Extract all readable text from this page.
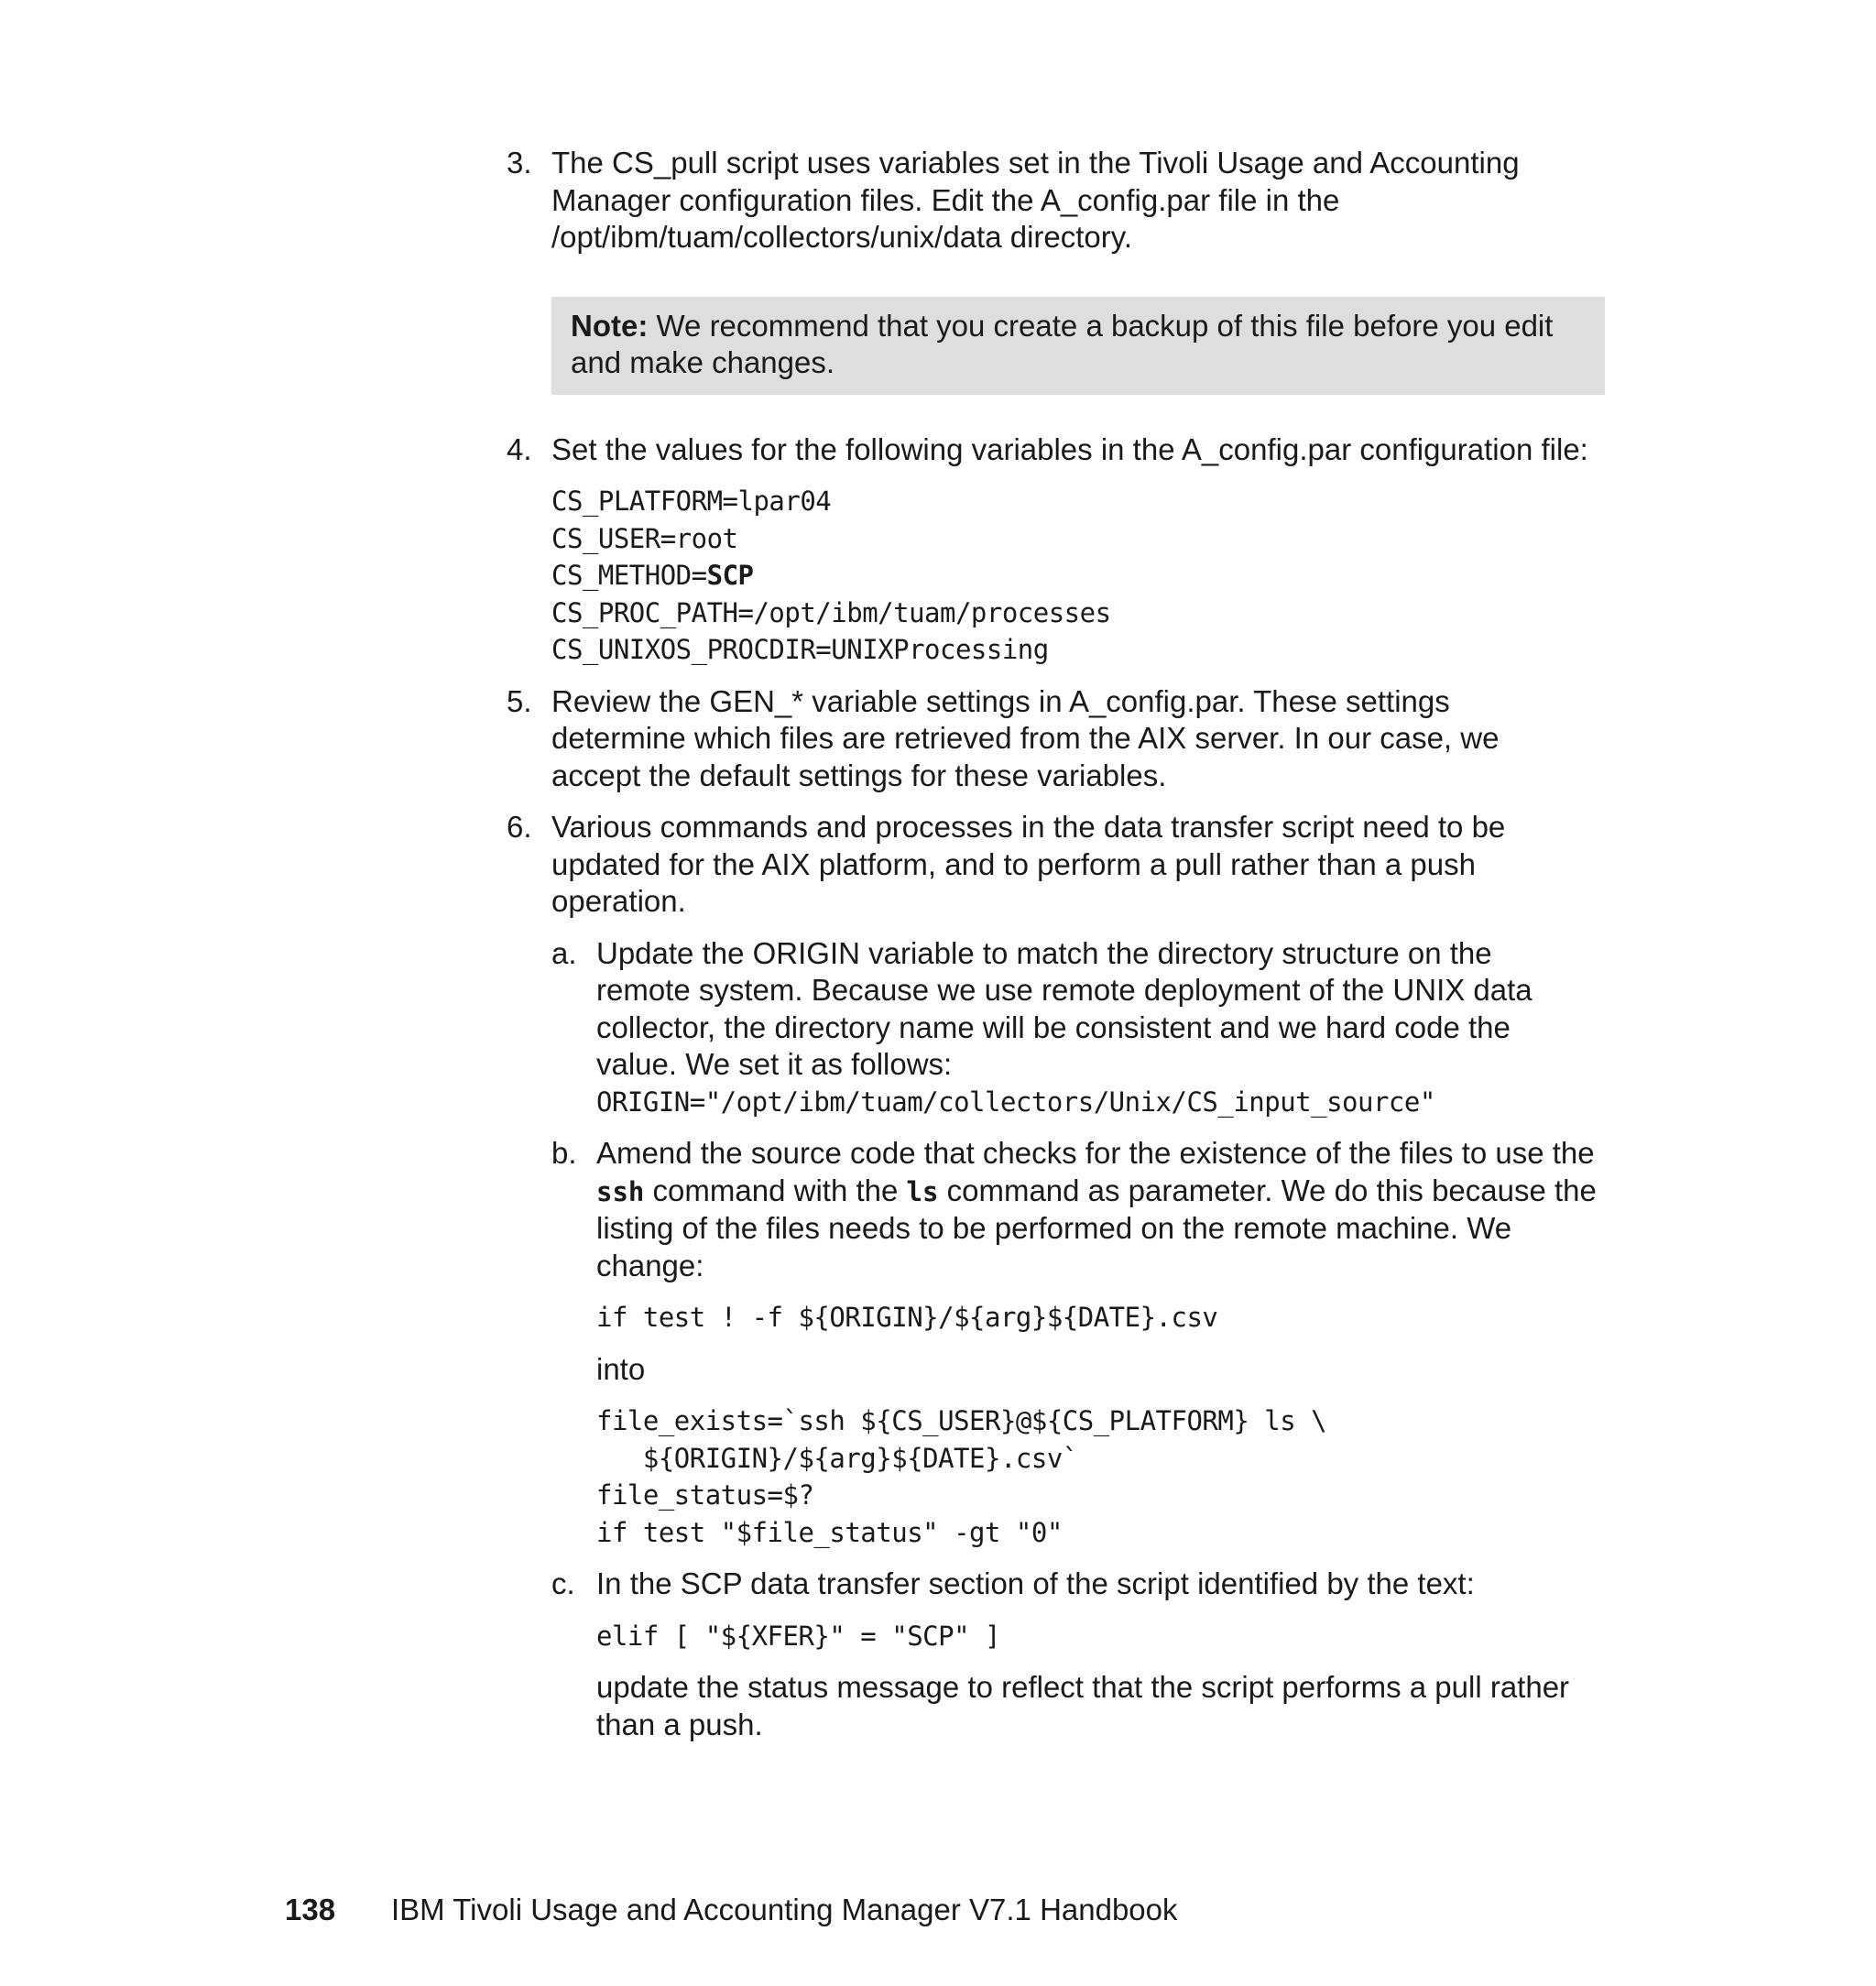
3. The CS_pull script uses variables set in the Tivoli Usage and Accounting
Manager configuration files. Edit the A_config.par file in the
/opt/ibm/tuam/collectors/unix/data directory.
Note: We recommend that you create a backup of this file before you edit
and make changes.
4. Set the values for the following variables in the A_config.par configuration file:
CS_PLATFORM=lpar04
CS_USER=root
CS_METHOD=SCP
CS_PROC_PATH=/opt/ibm/tuam/processes
CS_UNIXOS_PROCDIR=UNIXProcessing
5. Review the GEN_* variable settings in A_config.par. These settings
determine which files are retrieved from the AIX server. In our case, we
accept the default settings for these variables.
6. Various commands and processes in the data transfer script need to be
updated for the AIX platform, and to perform a pull rather than a push
operation.
a. Update the ORIGIN variable to match the directory structure on the
remote system. Because we use remote deployment of the UNIX data
collector, the directory name will be consistent and we hard code the
value. We set it as follows:
ORIGIN="/opt/ibm/tuam/collectors/Unix/CS_input_source"
b. Amend the source code that checks for the existence of the files to use the
ssh command with the ls command as parameter. We do this because the
listing of the files needs to be performed on the remote machine. We
change:
if test ! -f ${ORIGIN}/${arg}${DATE}.csv
into
file_exists=`ssh ${CS_USER}@${CS_PLATFORM} ls \
${ORIGIN}/${arg}${DATE}.csv`
file_status=$?
if test "$file_status" -gt "0"
c. In the SCP data transfer section of the script identified by the text:
elif [ "${XFER}" = "SCP" ]
update the status message to reflect that the script performs a pull rather
than a push.
138	IBM Tivoli Usage and Accounting Manager V7.1 Handbook
